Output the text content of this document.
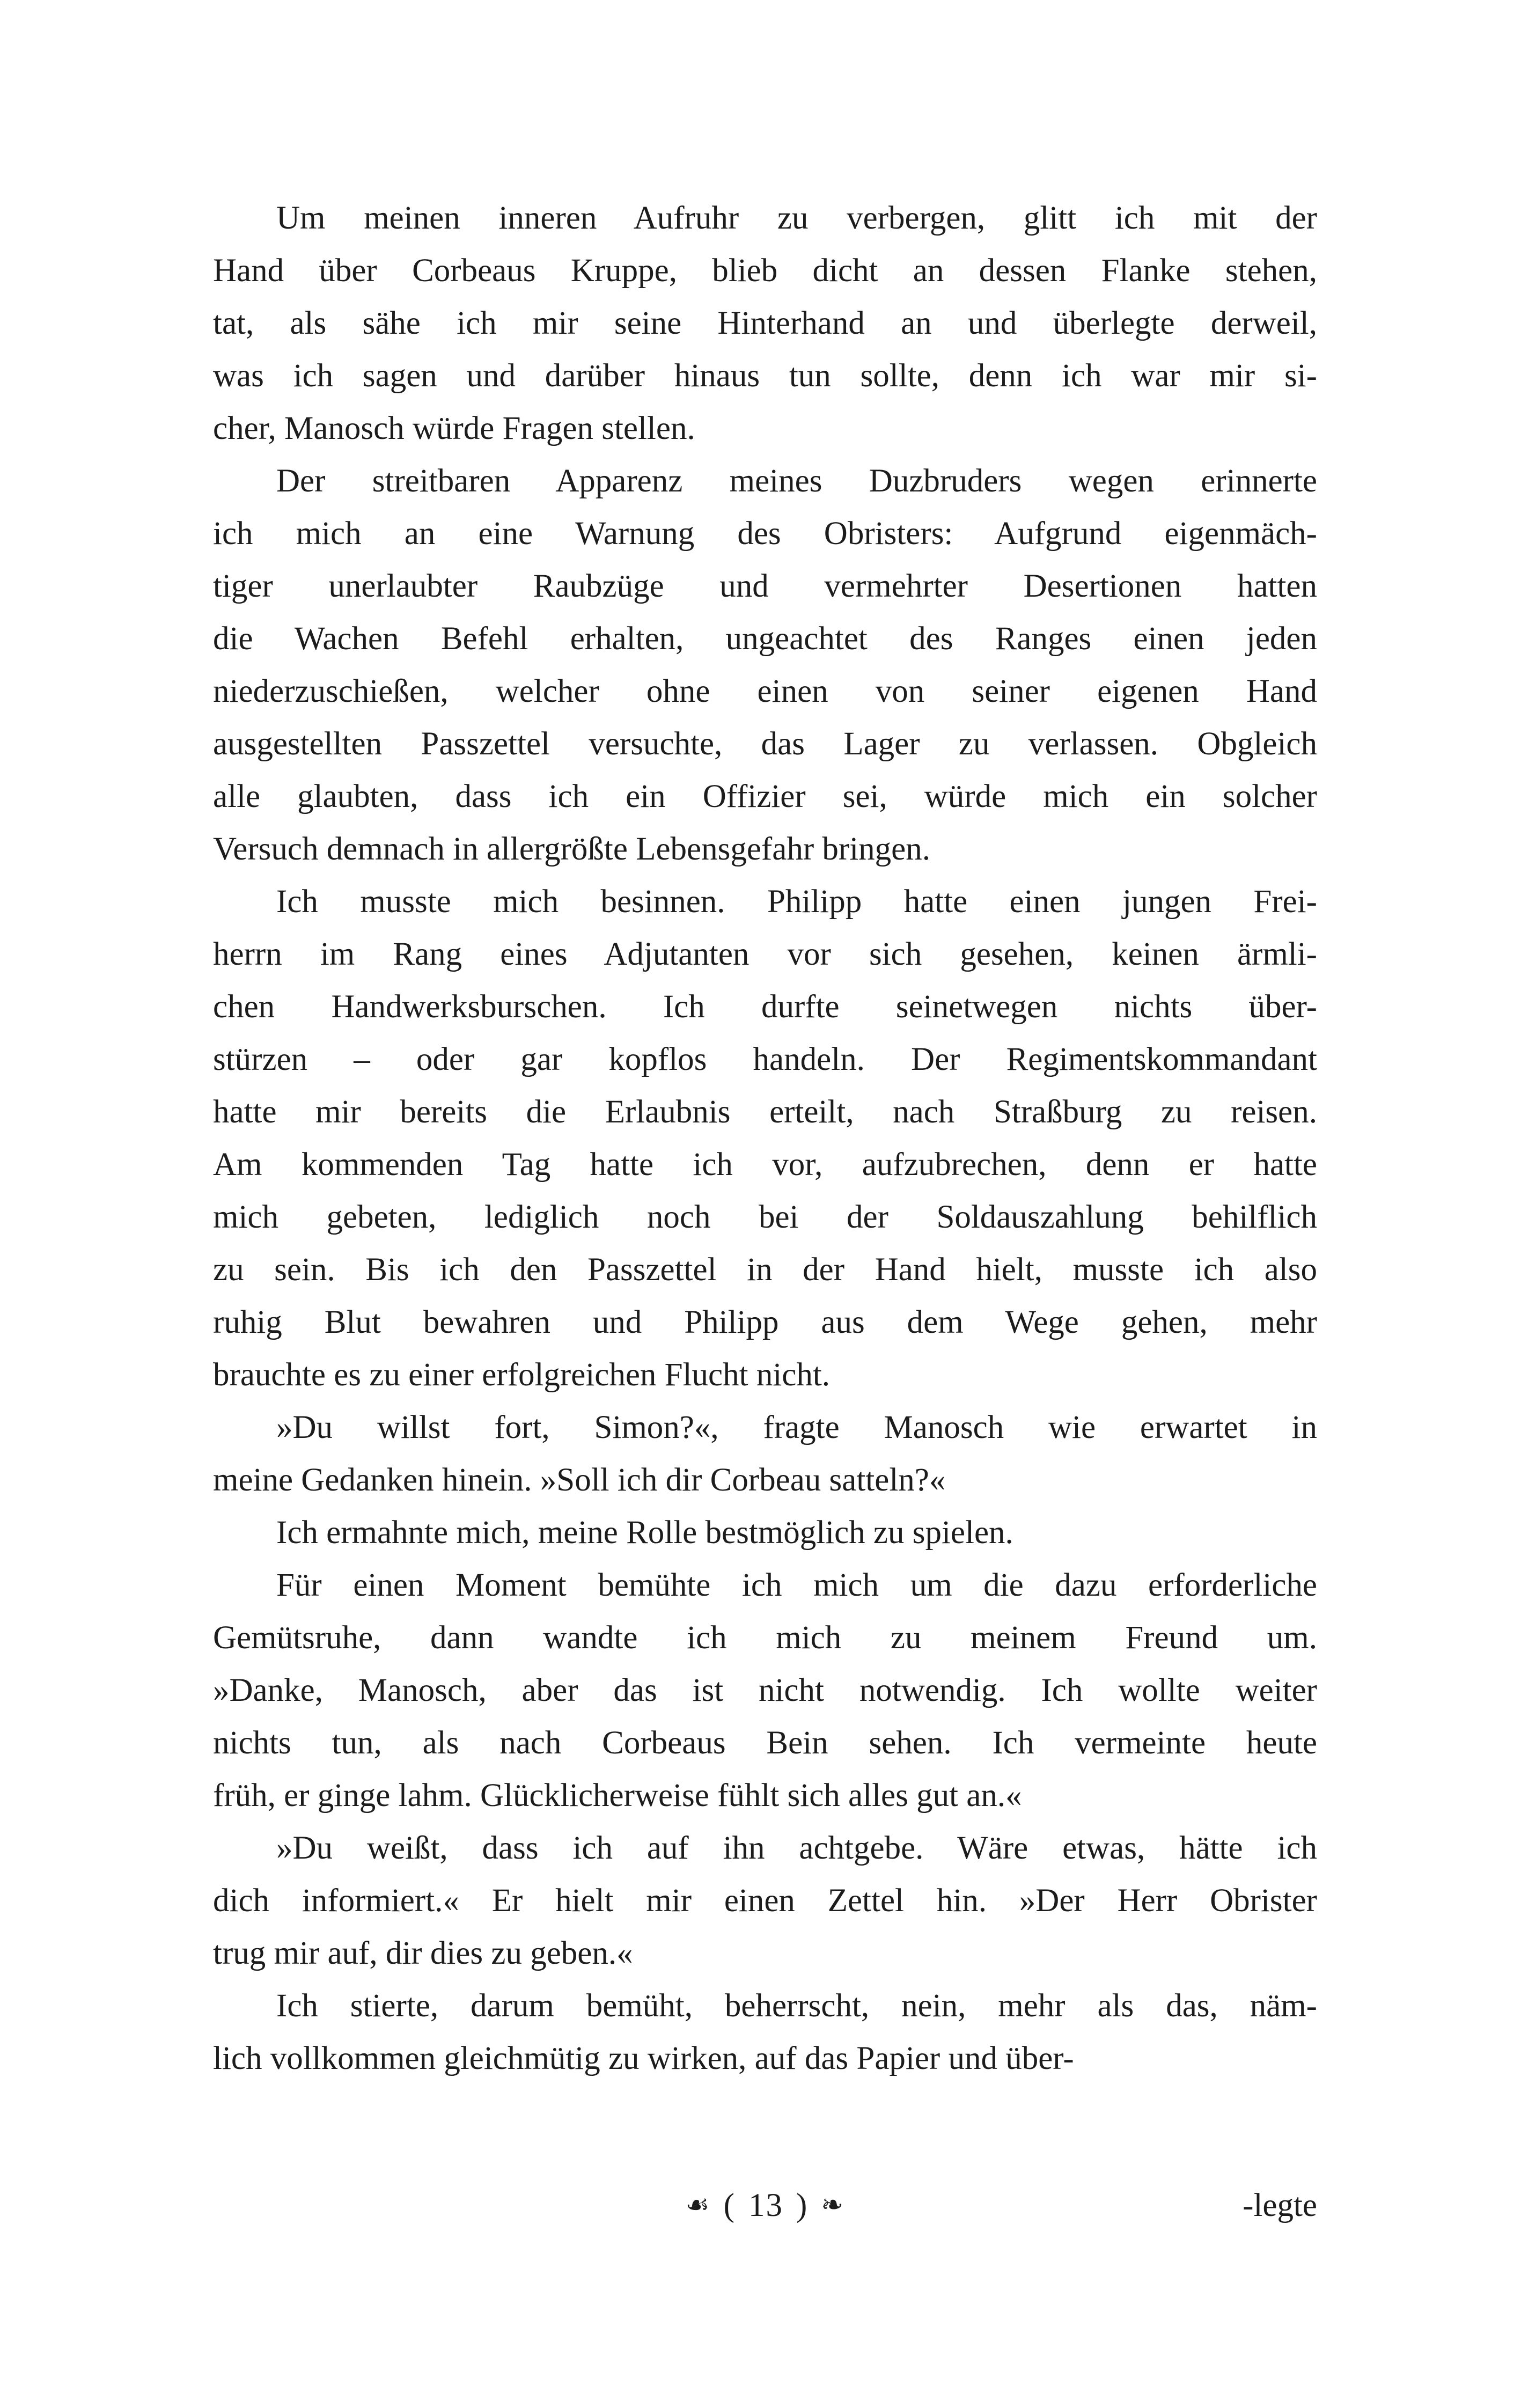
Um meinen inneren Aufruhr zu verbergen, glitt ich mit der
Hand über Corbeaus Kruppe, blieb dicht an dessen Flanke stehen,
tat, als sähe ich mir seine Hinterhand an und überlegte derweil,
was ich sagen und darüber hinaus tun sollte, denn ich war mir si-
cher, Manosch würde Fragen stellen.

Der streitbaren Apparenz meines Duzbruders wegen erinnerte
ich mich an eine Warnung des Obristers: Aufgrund eigenmäch-
tiger unerlaubter Raubzüge und vermehrter Desertionen hatten
die Wachen Befehl erhalten, ungeachtet des Ranges einen jeden
niederzuschießen, welcher ohne einen von seiner eigenen Hand
ausgestellten Passzettel versuchte, das Lager zu verlassen. Obgleich
alle glaubten, dass ich ein Offizier sei, würde mich ein solcher
Versuch demnach in allergrößte Lebensgefahr bringen.

Ich musste mich besinnen. Philipp hatte einen jungen Frei-
herrn im Rang eines Adjutanten vor sich gesehen, keinen ärmli-
chen Handwerksburschen. Ich durfte seinetwegen nichts über-
stürzen – oder gar kopflos handeln. Der Regimentskommandant
hatte mir bereits die Erlaubnis erteilt, nach Straßburg zu reisen.
Am kommenden Tag hatte ich vor, aufzubrechen, denn er hatte
mich gebeten, lediglich noch bei der Soldauszahlung behilflich
zu sein. Bis ich den Passzettel in der Hand hielt, musste ich also
ruhig Blut bewahren und Philipp aus dem Wege gehen, mehr
brauchte es zu einer erfolgreichen Flucht nicht.

»Du willst fort, Simon?«, fragte Manosch wie erwartet in
meine Gedanken hinein. »Soll ich dir Corbeau satteln?«

Ich ermahnte mich, meine Rolle bestmöglich zu spielen.

Für einen Moment bemühte ich mich um die dazu erforderliche
Gemütsruhe, dann wandte ich mich zu meinem Freund um.
»Danke, Manosch, aber das ist nicht notwendig. Ich wollte weiter
nichts tun, als nach Corbeaus Bein sehen. Ich vermeinte heute
früh, er ginge lahm. Glücklicherweise fühlt sich alles gut an.«

»Du weißt, dass ich auf ihn achtgebe. Wäre etwas, hätte ich
dich informiert.« Er hielt mir einen Zettel hin. »Der Herr Obrister
trug mir auf, dir dies zu geben.«

Ich stierte, darum bemüht, beherrscht, nein, mehr als das, näm-
lich vollkommen gleichmütig zu wirken, auf das Papier und über-

☙ ( 13 ) ❧	-legte
